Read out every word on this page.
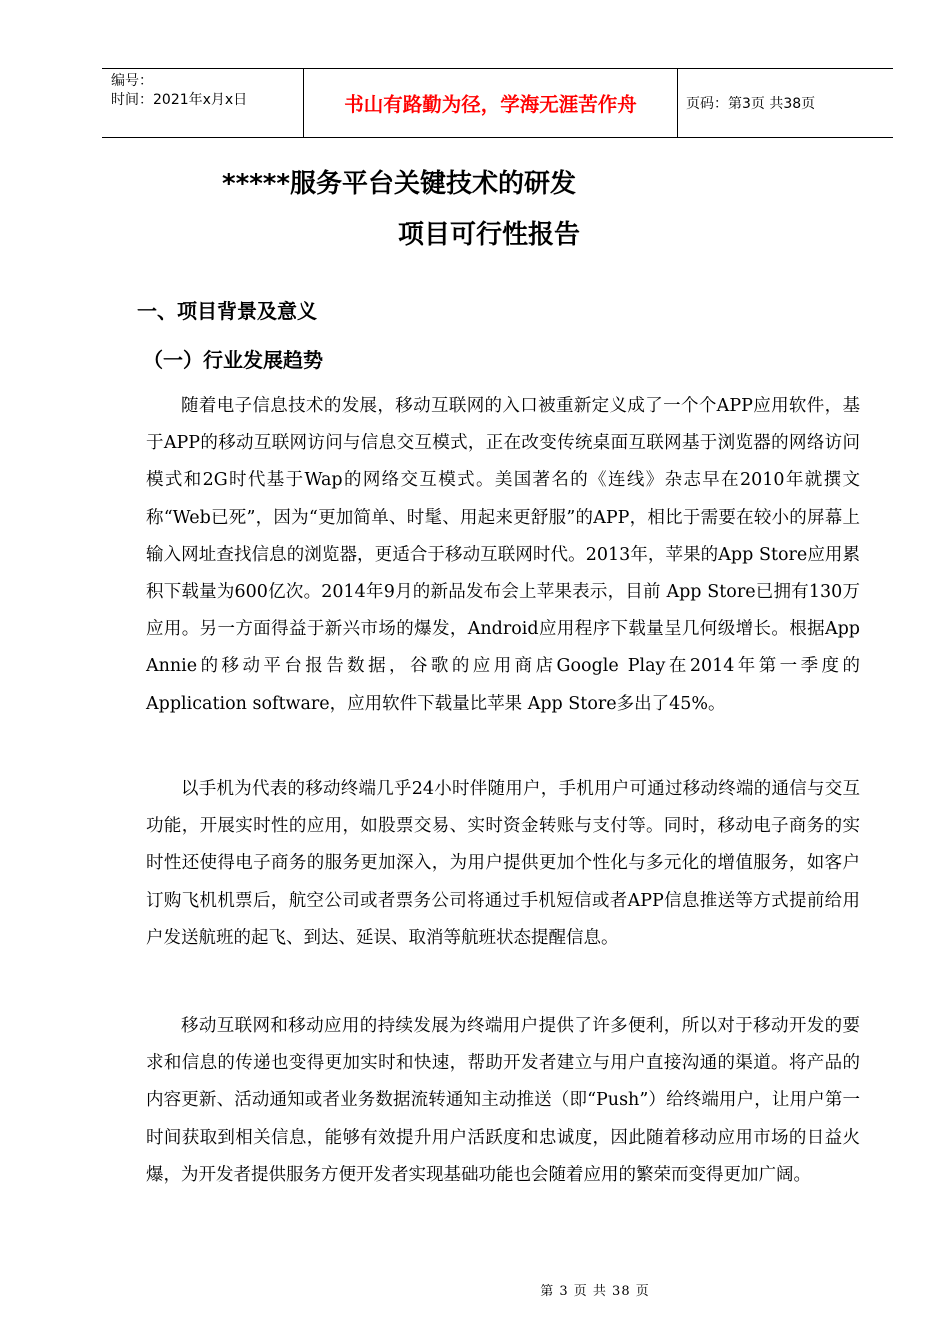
编号：
时间：2021年x月x日	书山有路勤为径，学海无涯苦作舟	页码：第3页 共38页
*****服务平台关键技术的研发
项目可行性报告
一、项目背景及意义
（一）行业发展趋势

随着电子信息技术的发展，移动互联网的入口被重新定义成了一个个APP应用软件，基于APP的移动互联网访问与信息交互模式，正在改变传统桌面互联网基于浏览器的网络访问模式和2G时代基于Wap的网络交互模式。美国著名的《连线》杂志早在2010年就撰文称“Web已死”，因为“更加简单、时髦、用起来更舒服”的APP，相比于需要在较小的屏幕上输入网址查找信息的浏览器，更适合于移动互联网时代。2013年，苹果的App Store应用累积下载量为600亿次。2014年9月的新品发布会上苹果表示，目前 App Store已拥有130万应用。另一方面得益于新兴市场的爆发，Android应用程序下载量呈几何级增长。根据App Annie的移动平台报告数据，谷歌的应用商店Google Play在2014年第一季度的Application software，应用软件下载量比苹果 App Store多出了45%。

以手机为代表的移动终端几乎24小时伴随用户，手机用户可通过移动终端的通信与交互功能，开展实时性的应用，如股票交易、实时资金转账与支付等。同时，移动电子商务的实时性还使得电子商务的服务更加深入，为用户提供更加个性化与多元化的增值服务，如客户订购飞机机票后，航空公司或者票务公司将通过手机短信或者APP信息推送等方式提前给用户发送航班的起飞、到达、延误、取消等航班状态提醒信息。

移动互联网和移动应用的持续发展为终端用户提供了许多便利，所以对于移动开发的要求和信息的传递也变得更加实时和快速，帮助开发者建立与用户直接沟通的渠道。将产品的内容更新、活动通知或者业务数据流转通知主动推送（即“Push”）给终端用户，让用户第一时间获取到相关信息，能够有效提升用户活跃度和忠诚度，因此随着移动应用市场的日益火爆，为开发者提供服务方便开发者实现基础功能也会随着应用的繁荣而变得更加广阔。

第 3 页 共 38 页
